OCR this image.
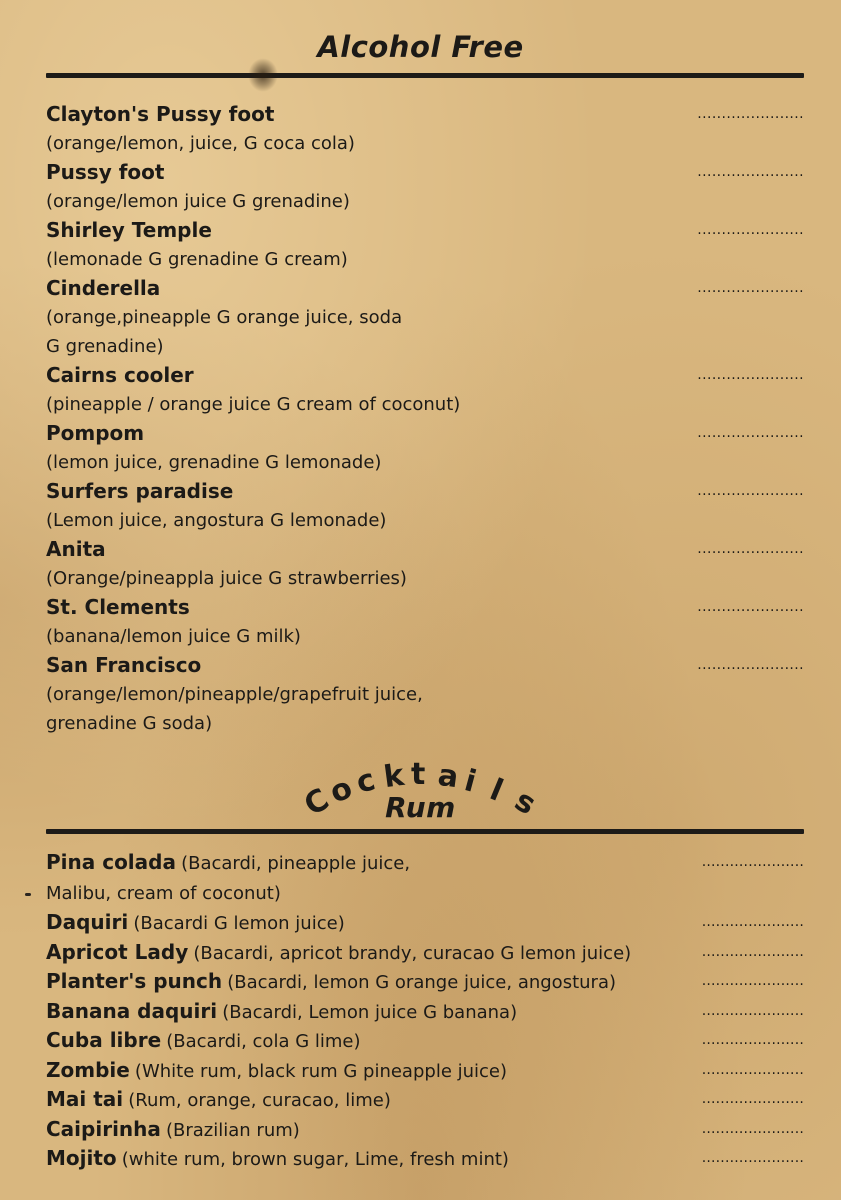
Alcohol Free
Clayton's Pussy foot
(orange/lemon, juice, G coca cola)
......................
Pussy foot
(orange/lemon juice G grenadine)
......................
Shirley Temple
(lemonade G grenadine G cream)
......................
Cinderella
(orange,pineapple G orange juice, soda
G grenadine)
......................
Cairns cooler
(pineapple / orange juice G cream of coconut)
......................
Pompom
(lemon juice, grenadine G lemonade)
......................
Surfers paradise
(Lemon juice, angostura G lemonade)
......................
Anita
(Orange/pineappla juice G strawberries)
......................
St. Clements
(banana/lemon juice G milk)
......................
San Francisco
(orange/lemon/pineapple/grapefruit juice,
grenadine G soda)
......................
C
o
c k t a i l s
Rum
Pina colada (Bacardi, pineapple juice,
Malibu, cream of coconut)
......................
Daquiri (Bacardi G lemon juice)	......................
Apricot Lady (Bacardi, apricot brandy, curacao G lemon juice)	......................
Planter's punch (Bacardi, lemon G orange juice, angostura)	......................
Banana daquiri (Bacardi, Lemon juice G banana)	......................
Cuba libre (Bacardi, cola G lime)	......................
Zombie (White rum, black rum G pineapple juice)	......................
Mai tai (Rum, orange, curacao, lime)	......................
Caipirinha (Brazilian rum)	......................
Mojito (white rum, brown sugar, Lime, fresh mint)	......................
